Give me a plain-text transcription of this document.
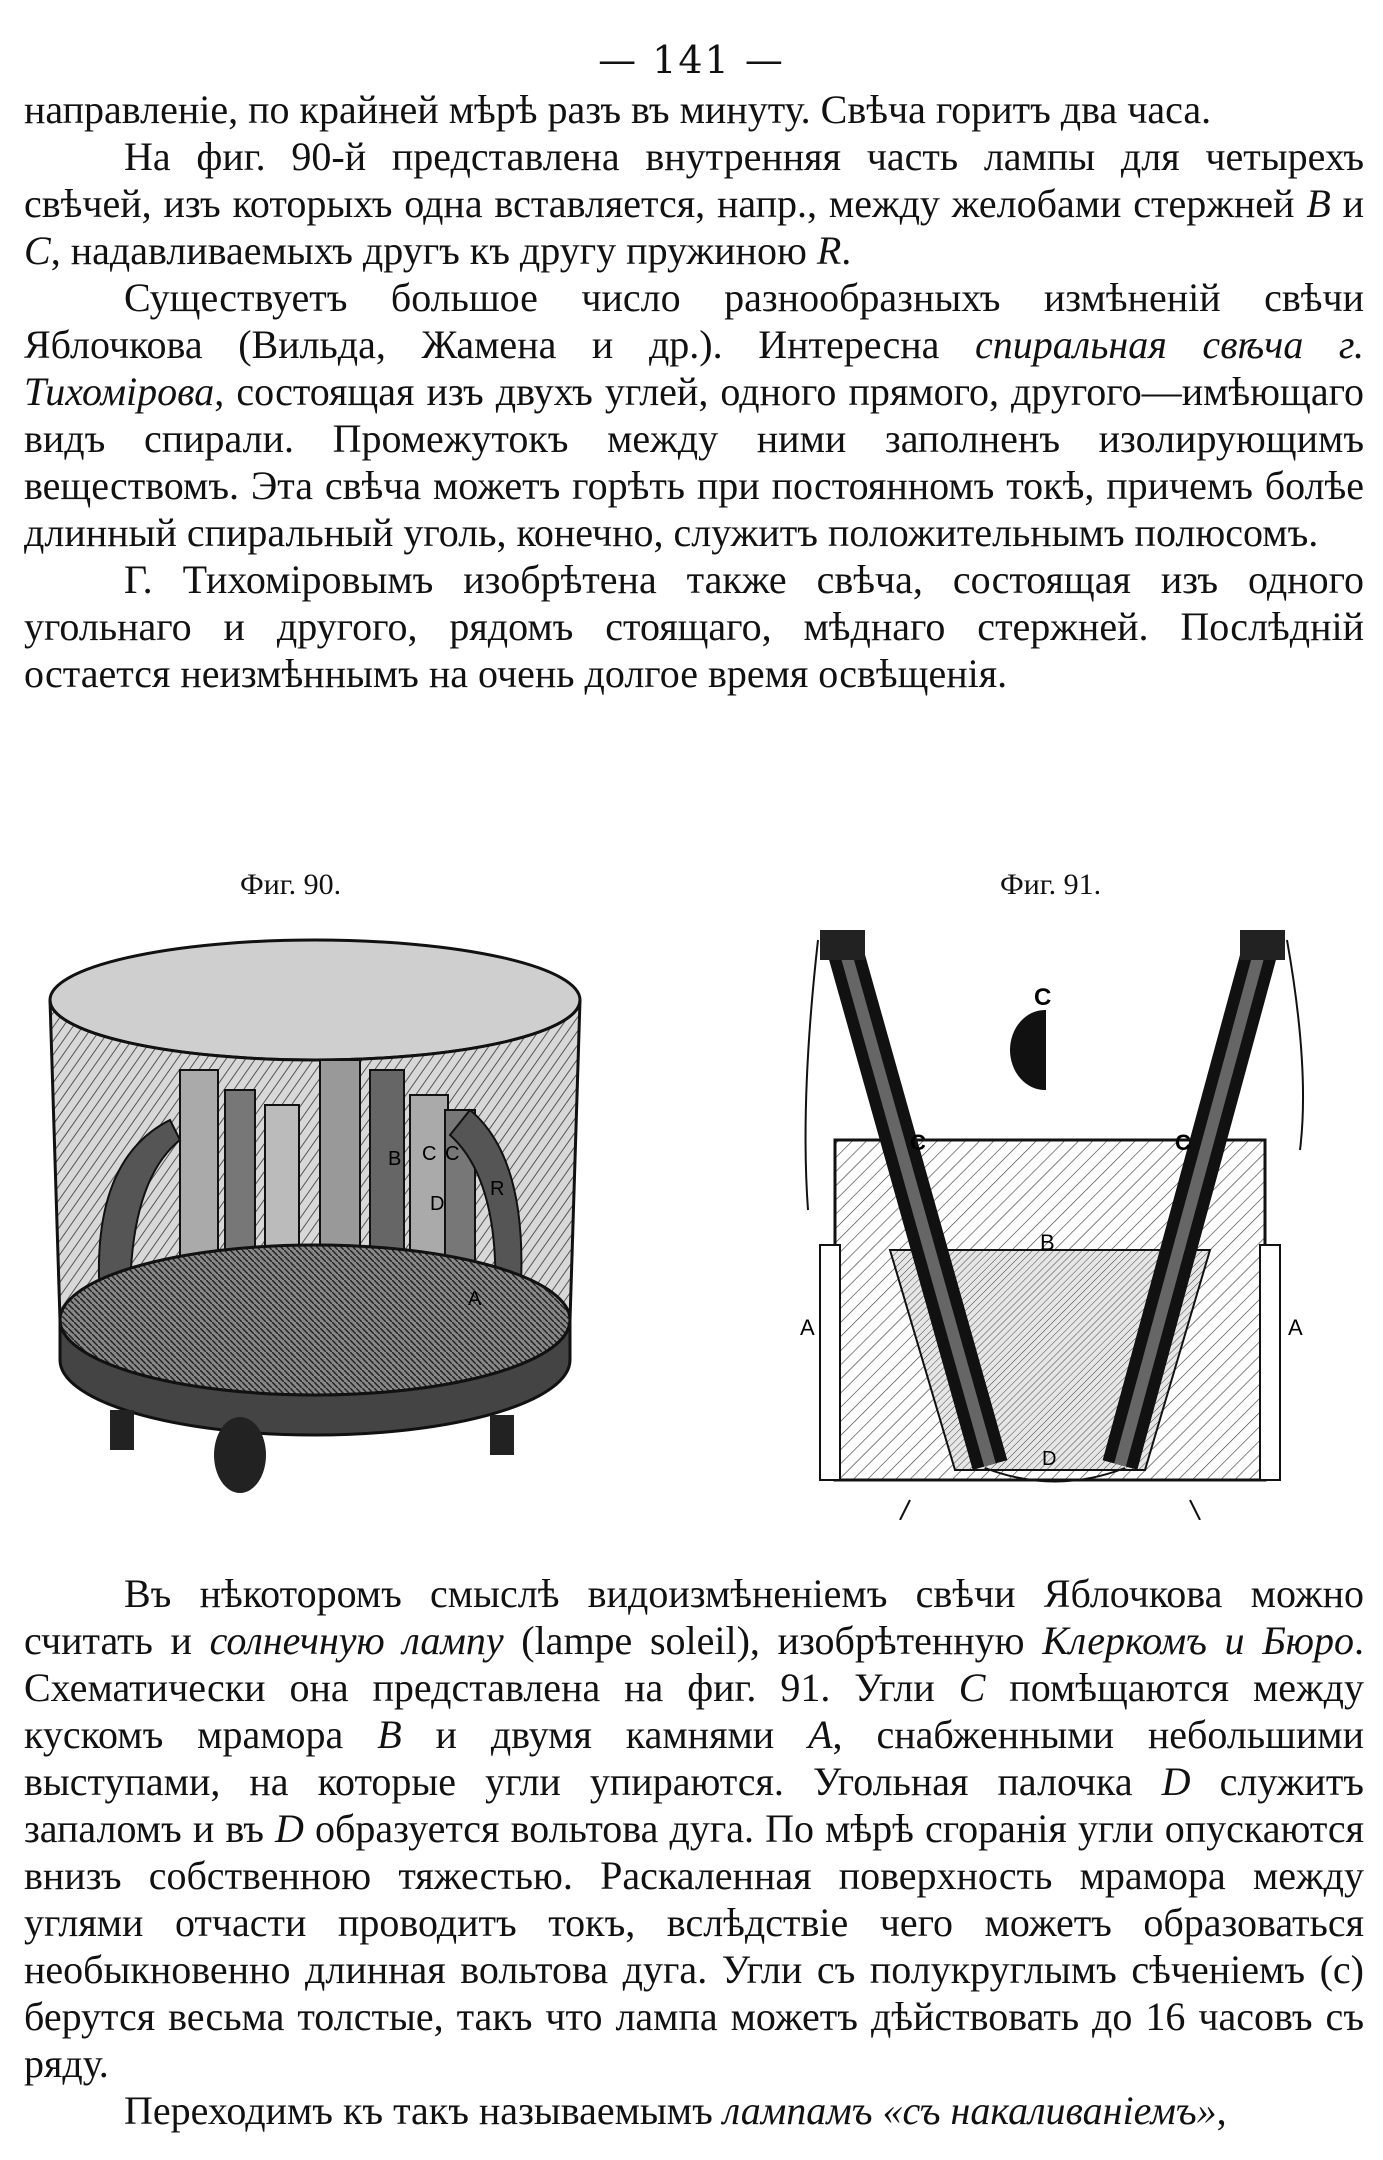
— 141 —

направленіе, по крайней мѣрѣ разъ въ минуту. Свѣча горитъ два часа.

На фиг. 90-й представлена внутренняя часть лампы для четырехъ свѣчей, изъ которыхъ одна вставляется, напр., между желобами стержней B и C, надавливаемыхъ другъ къ другу пружиною R.

Существуетъ большое число разнообразныхъ измѣненій свѣчи Яблочкова (Вильда, Жамена и др.). Интересна спиральная свѣча г. Тихомірова, состоящая изъ двухъ углей, одного прямого, другого—имѣющаго видъ спирали. Промежутокъ между ними заполненъ изолирующимъ веществомъ. Эта свѣча можетъ горѣть при постоянномъ токѣ, причемъ болѣе длинный спиральный уголь, конечно, служитъ положительнымъ полюсомъ.

Г. Тихоміровымъ изобрѣтена также свѣча, состоящая изъ одного угольнаго и другого, рядомъ стоящаго, мѣднаго стержней. Послѣдній остается неизмѣннымъ на очень долгое время освѣщенія.

Фиг. 90.	Фиг. 91.
B C C
D
R
A
C
C	C
B
A	A
D

Въ нѣкоторомъ смыслѣ видоизмѣненіемъ свѣчи Яблочкова можно считать и солнечную лампу (lampe soleil), изобрѣтенную Клеркомъ и Бюро. Схематически она представлена на фиг. 91. Угли C помѣщаются между кускомъ мрамора B и двумя камнями A, снабженными небольшими выступами, на которые угли упираются. Угольная палочка D служитъ запаломъ и въ D образуется вольтова дуга. По мѣрѣ сгоранія угли опускаются внизъ собственною тяжестью. Раскаленная поверхность мрамора между углями отчасти проводитъ токъ, вслѣдствіе чего можетъ образоваться необыкновенно длинная вольтова дуга. Угли съ полукруглымъ сѣченіемъ (с) берутся весьма толстые, такъ что лампа можетъ дѣйствовать до 16 часовъ съ ряду.

Переходимъ къ такъ называемымъ лампамъ «съ накаливаніемъ»,
